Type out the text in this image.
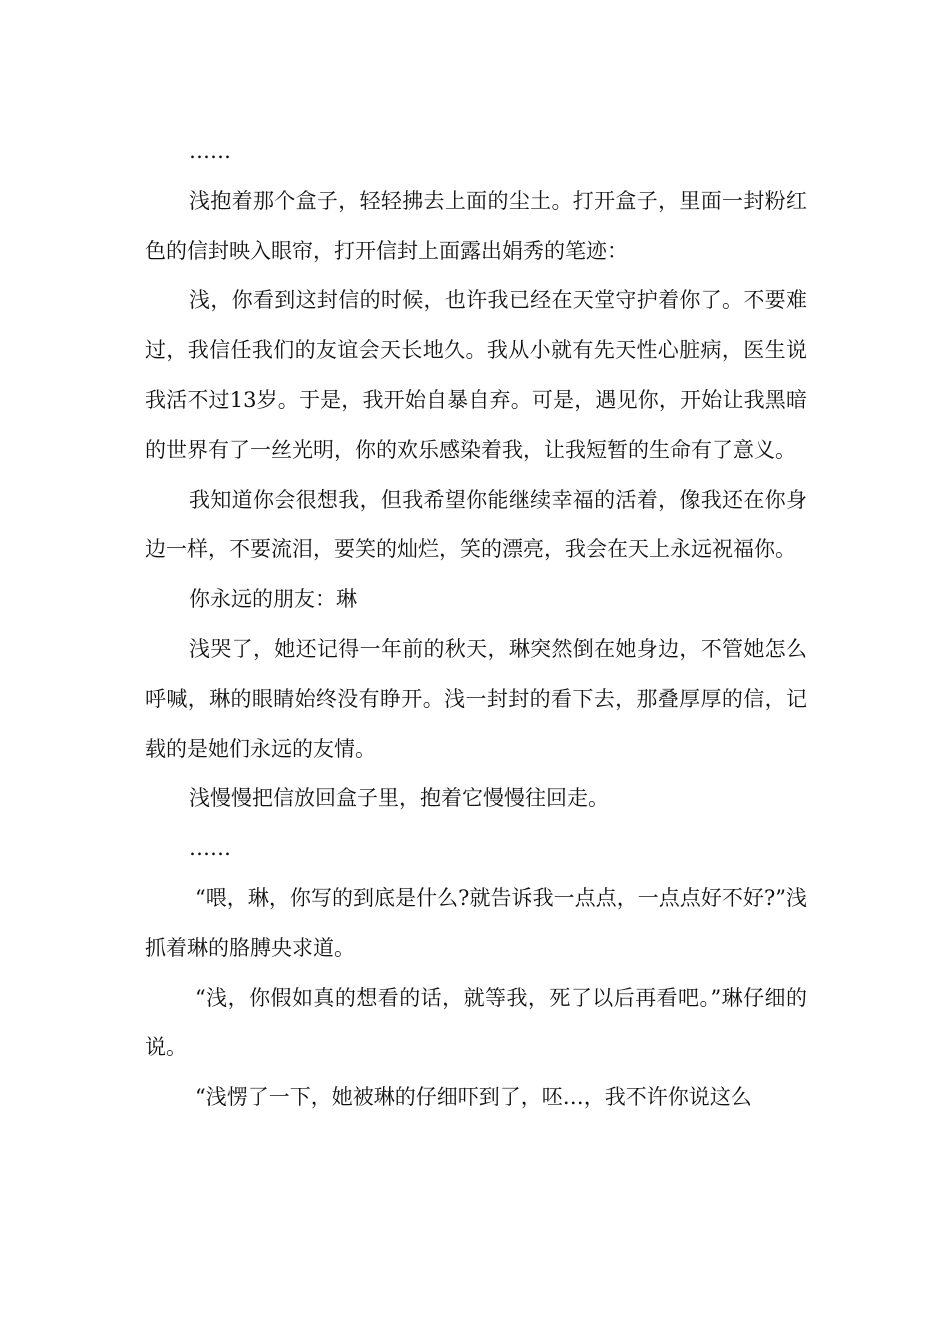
……

浅抱着那个盒子，轻轻拂去上面的尘土。打开盒子，里面一封粉红色的信封映入眼帘，打开信封上面露出娟秀的笔迹：

浅，你看到这封信的时候，也许我已经在天堂守护着你了。不要难过，我信任我们的友谊会天长地久。我从小就有先天性心脏病，医生说我活不过13岁。于是，我开始自暴自弃。可是，遇见你，开始让我黑暗的世界有了一丝光明，你的欢乐感染着我，让我短暂的生命有了意义。

我知道你会很想我，但我希望你能继续幸福的活着，像我还在你身边一样，不要流泪，要笑的灿烂，笑的漂亮，我会在天上永远祝福你。

你永远的朋友：琳

浅哭了，她还记得一年前的秋天，琳突然倒在她身边，不管她怎么呼喊，琳的眼睛始终没有睁开。浅一封封的看下去，那叠厚厚的信，记载的是她们永远的友情。

浅慢慢把信放回盒子里，抱着它慢慢往回走。

……

“喂，琳，你写的到底是什么?就告诉我一点点，一点点好不好?”浅抓着琳的胳膊央求道。

“浅，你假如真的想看的话，就等我，死了以后再看吧。”琳仔细的说。

“浅愣了一下，她被琳的仔细吓到了，呸…，我不许你说这么
